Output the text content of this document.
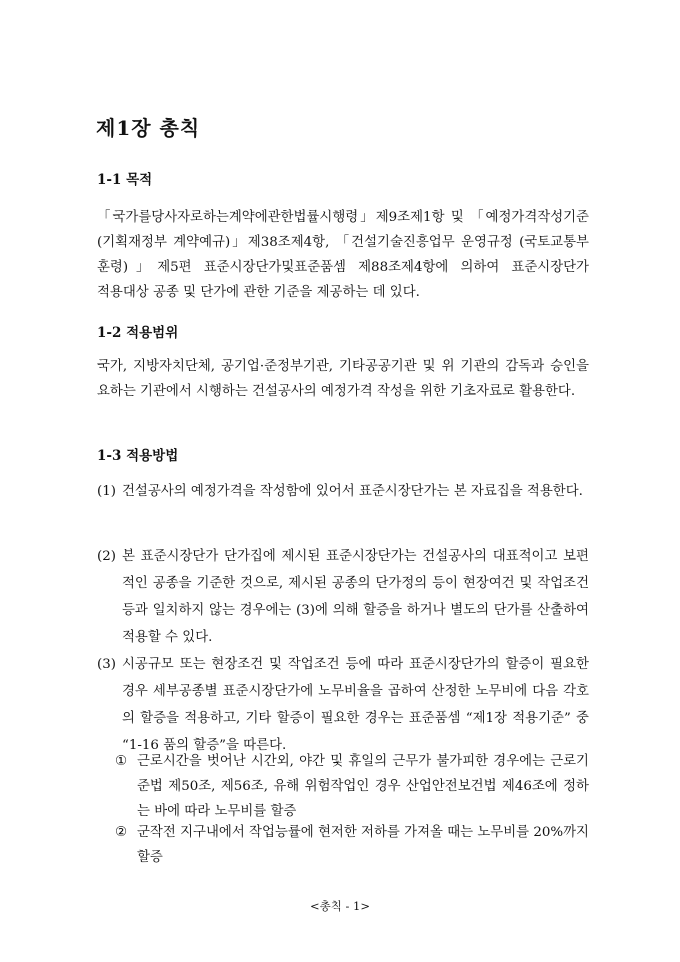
제1장 총칙
1-1 목적

「국가를당사자로하는계약에관한법률시행령」제9조제1항 및 「예정가격작성기준(기획재정부 계약예규)」제38조제4항, 「건설기술진흥업무 운영규정 (국토교통부 훈령)」제5편 표준시장단가및표준품셈 제88조제4항에 의하여 표준시장단가 적용대상 공종 및 단가에 관한 기준을 제공하는 데 있다.

1-2 적용범위

국가, 지방자치단체, 공기업·준정부기관, 기타공공기관 및 위 기관의 감독과 승인을 요하는 기관에서 시행하는 건설공사의 예정가격 작성을 위한 기초자료로 활용한다.

1-3 적용방법

(1) 건설공사의 예정가격을 작성함에 있어서 표준시장단가는 본 자료집을 적용한다.

(2) 본 표준시장단가 단가집에 제시된 표준시장단가는 건설공사의 대표적이고 보편적인 공종을 기준한 것으로, 제시된 공종의 단가정의 등이 현장여건 및 작업조건 등과 일치하지 않는 경우에는 (3)에 의해 할증을 하거나 별도의 단가를 산출하여 적용할 수 있다.

(3) 시공규모 또는 현장조건 및 작업조건 등에 따라 표준시장단가의 할증이 필요한 경우 세부공종별 표준시장단가에 노무비율을 곱하여 산정한 노무비에 다음 각호의 할증을 적용하고, 기타 할증이 필요한 경우는 표준품셈 “제1장 적용기준” 중 “1-16 품의 할증”을 따른다.

① 근로시간을 벗어난 시간외, 야간 및 휴일의 근무가 불가피한 경우에는 근로기준법 제50조, 제56조, 유해 위험작업인 경우 산업안전보건법 제46조에 정하는 바에 따라 노무비를 할증

② 군작전 지구내에서 작업능률에 현저한 저하를 가져올 때는 노무비를 20%까지 할증

<총칙 - 1>
